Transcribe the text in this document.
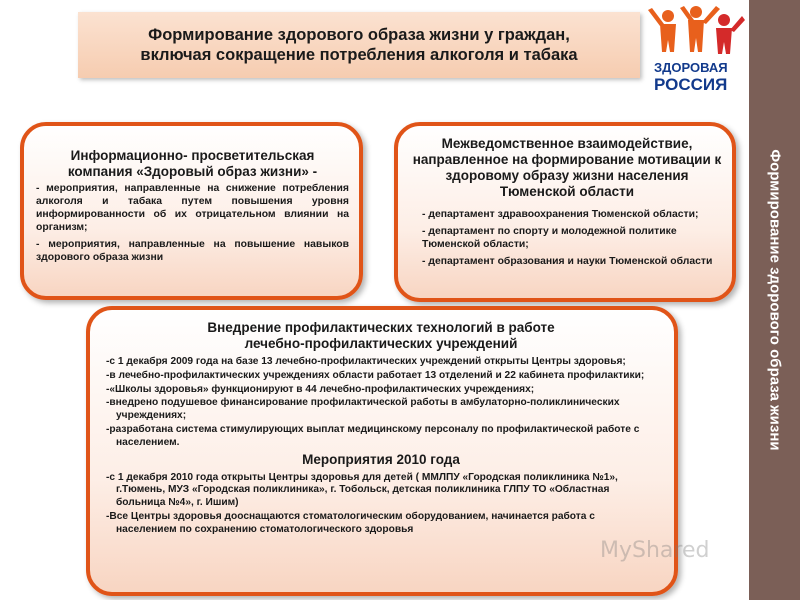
Формирование здорового образа жизни у граждан,
включая сокращение потребления алкоголя и табака
ЗДОРОВАЯ
РОССИЯ
Формирование здорового образа жизни
Информационно- просветительская
компания «Здоровый образ жизни» -
- мероприятия, направленные на снижение потребления алкоголя и табака путем повышения уровня информированности об их отрицательном влиянии на организм;
- мероприятия, направленные на повышение навыков здорового образа жизни
Межведомственное взаимодействие, направленное на формирование мотивации к здоровому образу жизни населения Тюменской области
- департамент здравоохранения Тюменской области;
- департамент по спорту и молодежной политике Тюменской области;
- департамент образования и науки Тюменской области
Внедрение профилактических технологий в работе
лечебно-профилактических учреждений
-с 1 декабря 2009 года на базе 13 лечебно-профилактических учреждений открыты Центры здоровья;
-в лечебно-профилактических учреждениях области работает 13 отделений и 22 кабинета профилактики;
-«Школы здоровья» функционируют в 44 лечебно-профилактических учреждениях;
-внедрено подушевое финансирование профилактической работы в амбулаторно-поликлинических учреждениях;
-разработана система стимулирующих выплат медицинскому персоналу по профилактической работе с населением.
Мероприятия 2010 года
-с 1 декабря 2010 года открыты Центры здоровья для детей ( ММЛПУ «Городская поликлиника №1», г.Тюмень, МУЗ «Городская поликлиника», г. Тобольск, детская поликлиника ГЛПУ ТО «Областная больница №4», г. Ишим)
-Все Центры здоровья дооснащаются стоматологическим оборудованием, начинается работа с населением по сохранению стоматологического здоровья
MyShared
